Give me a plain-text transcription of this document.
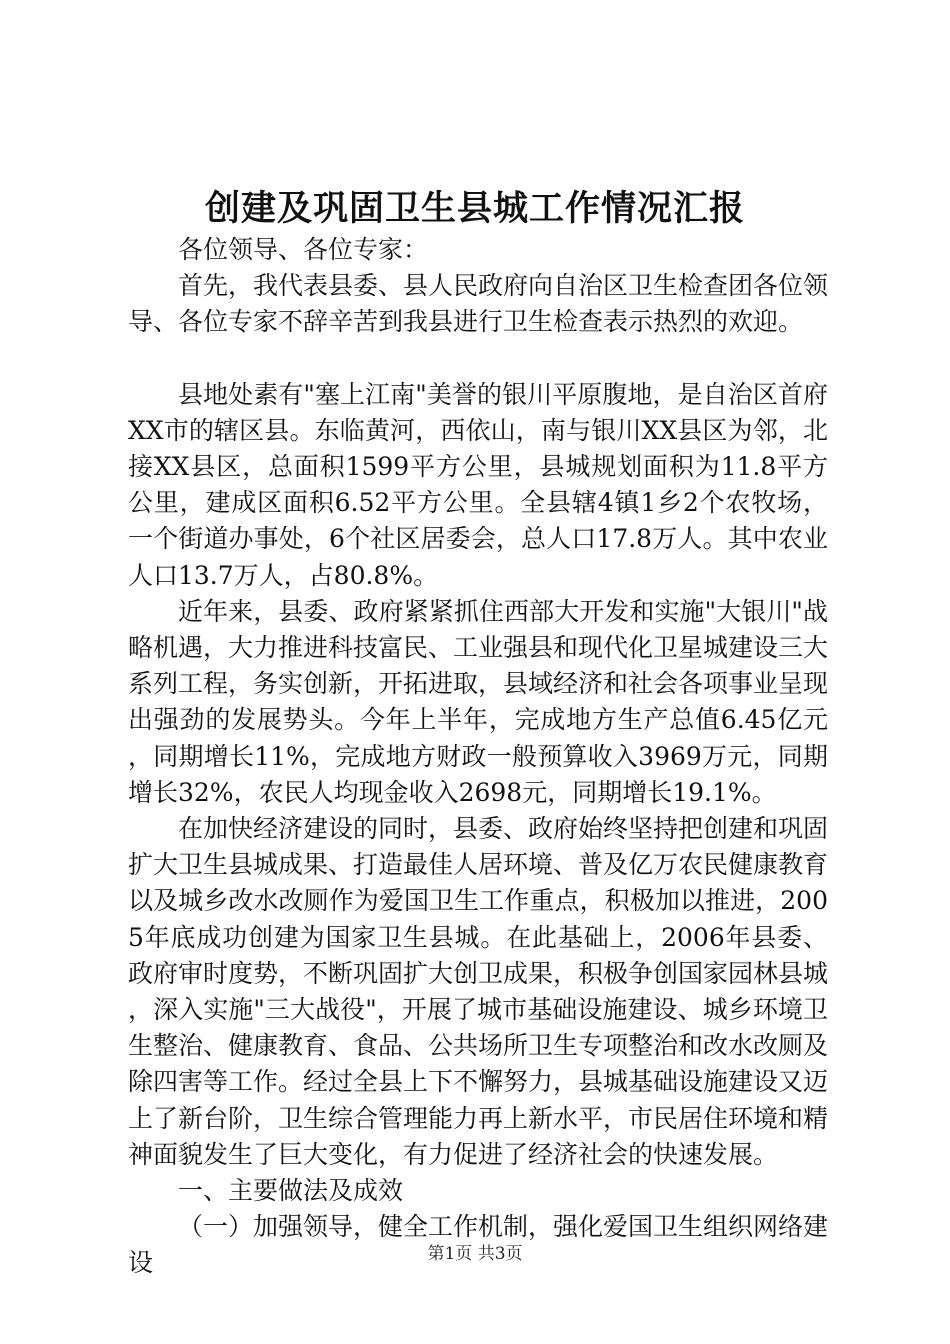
创建及巩固卫生县城工作情况汇报

各位领导、各位专家：

首先，我代表县委、县人民政府向自治区卫生检查团各位领导、各位专家不辞辛苦到我县进行卫生检查表示热烈的欢迎。

县地处素有"塞上江南"美誉的银川平原腹地，是自治区首府XX市的辖区县。东临黄河，西依山，南与银川XX县区为邻，北接XX县区，总面积1599平方公里，县城规划面积为11.8平方公里，建成区面积6.52平方公里。全县辖4镇1乡2个农牧场，一个街道办事处，6个社区居委会，总人口17.8万人。其中农业人口13.7万人，占80.8%。

近年来，县委、政府紧紧抓住西部大开发和实施"大银川"战略机遇，大力推进科技富民、工业强县和现代化卫星城建设三大系列工程，务实创新，开拓进取，县域经济和社会各项事业呈现出强劲的发展势头。今年上半年，完成地方生产总值6.45亿元，同期增长11%，完成地方财政一般预算收入3969万元，同期增长32%，农民人均现金收入2698元，同期增长19.1%。

在加快经济建设的同时，县委、政府始终坚持把创建和巩固扩大卫生县城成果、打造最佳人居环境、普及亿万农民健康教育以及城乡改水改厕作为爱国卫生工作重点，积极加以推进，2005年底成功创建为国家卫生县城。在此基础上，2006年县委、政府审时度势，不断巩固扩大创卫成果，积极争创国家园林县城，深入实施"三大战役"，开展了城市基础设施建设、城乡环境卫生整治、健康教育、食品、公共场所卫生专项整治和改水改厕及除四害等工作。经过全县上下不懈努力，县城基础设施建设又迈上了新台阶，卫生综合管理能力再上新水平，市民居住环境和精神面貌发生了巨大变化，有力促进了经济社会的快速发展。

一、主要做法及成效

（一）加强领导，健全工作机制，强化爱国卫生组织网络建设	第1页 共3页
